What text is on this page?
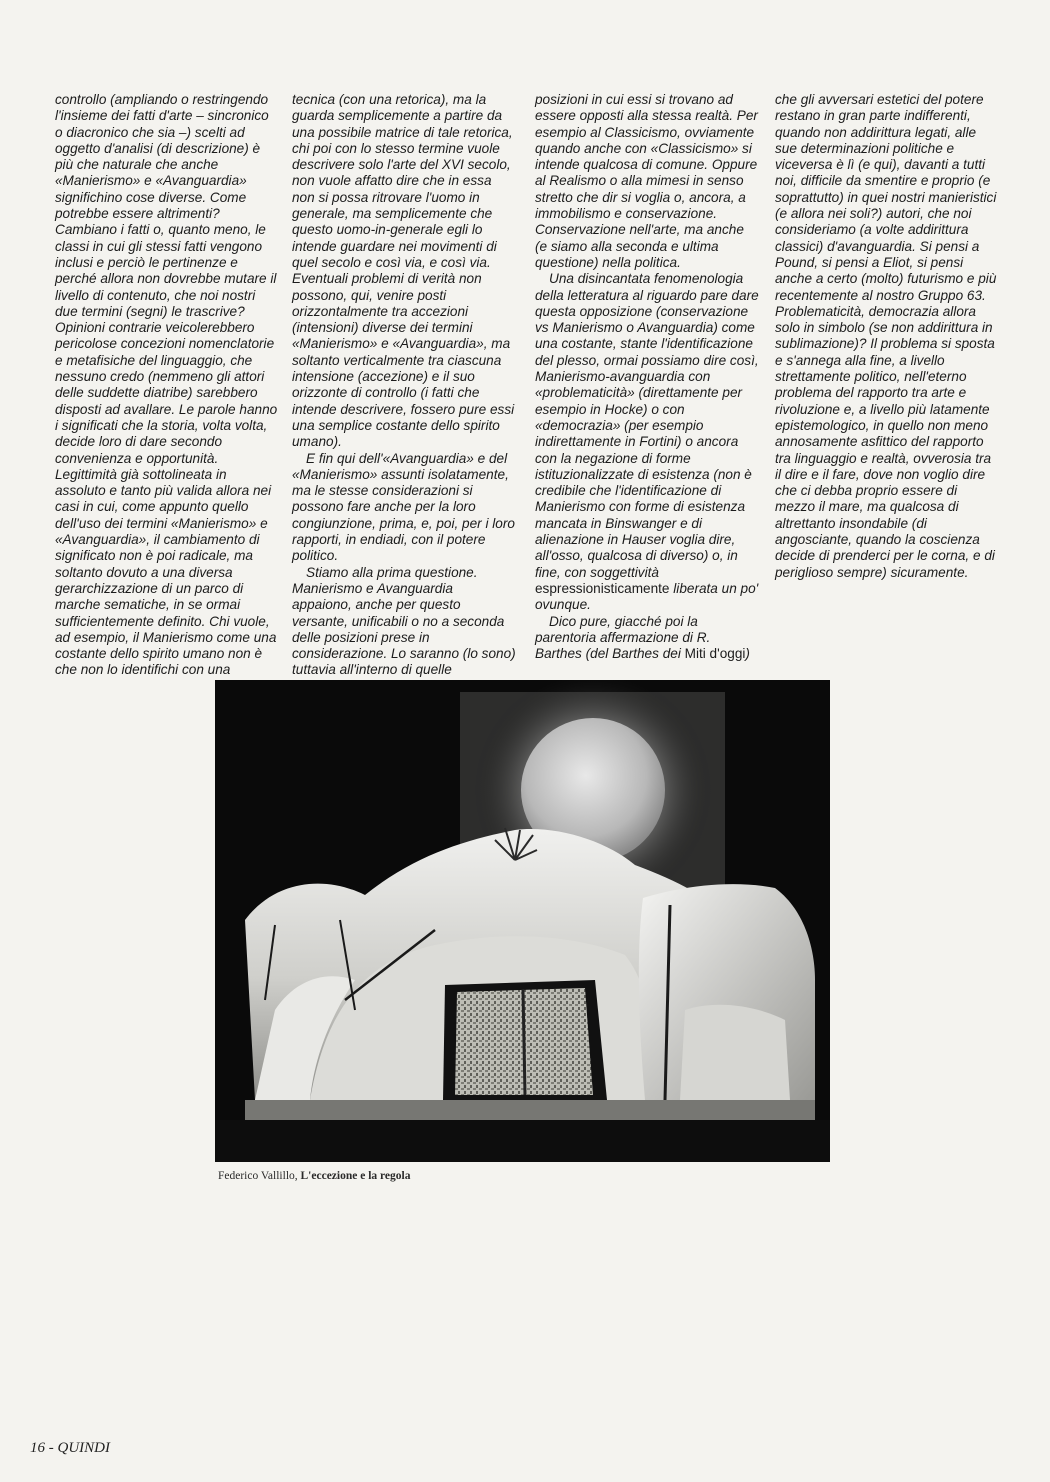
controllo (ampliando o restringendo l'insieme dei fatti d'arte – sincronico o diacronico che sia –) scelti ad oggetto d'analisi (di descrizione) è più che naturale che anche «Manierismo» e «Avanguardia» significhino cose diverse. Come potrebbe essere altrimenti? Cambiano i fatti o, quanto meno, le classi in cui gli stessi fatti vengono inclusi e perciò le pertinenze e perché allora non dovrebbe mutare il livello di contenuto, che noi nostri due termini (segni) le trascrive? Opinioni contrarie veicolerebbero pericolose concezioni nomenclatorie e metafisiche del linguaggio, che nessuno credo (nemmeno gli attori delle suddette diatribe) sarebbero disposti ad avallare. Le parole hanno i significati che la storia, volta volta, decide loro di dare secondo convenienza e opportunità. Legittimità già sottolineata in assoluto e tanto più valida allora nei casi in cui, come appunto quello dell'uso dei termini «Manierismo» e «Avanguardia», il cambiamento di significato non è poi radicale, ma soltanto dovuto a una diversa gerarchizzazione di un parco di marche sematiche, in se ormai sufficientemente definito. Chi vuole, ad esempio, il Manierismo come una costante dello spirito umano non è che non lo identifichi con una

tecnica (con una retorica), ma la guarda semplicemente a partire da una possibile matrice di tale retorica, chi poi con lo stesso termine vuole descrivere solo l'arte del XVI secolo, non vuole affatto dire che in essa non si possa ritrovare l'uomo in generale, ma semplicemente che questo uomo-in-generale egli lo intende guardare nei movimenti di quel secolo e così via, e così via. Eventuali problemi di verità non possono, qui, venire posti orizzontalmente tra accezioni (intensioni) diverse dei termini «Manierismo» e «Avanguardia», ma soltanto verticalmente tra ciascuna intensione (accezione) e il suo orizzonte di controllo (i fatti che intende descrivere, fossero pure essi una semplice costante dello spirito umano).

E fin qui dell'«Avanguardia» e del «Manierismo» assunti isolatamente, ma le stesse considerazioni si possono fare anche per la loro congiunzione, prima, e, poi, per i loro rapporti, in endiadi, con il potere politico.

Stiamo alla prima questione. Manierismo e Avanguardia appaiono, anche per questo versante, unificabili o no a seconda delle posizioni prese in considerazione. Lo saranno (lo sono) tuttavia all'interno di quelle

posizioni in cui essi si trovano ad essere opposti alla stessa realtà. Per esempio al Classicismo, ovviamente quando anche con «Classicismo» si intende qualcosa di comune. Oppure al Realismo o alla mimesi in senso stretto che dir si voglia o, ancora, a immobilismo e conservazione. Conservazione nell'arte, ma anche (e siamo alla seconda e ultima questione) nella politica.

Una disincantata fenomenologia della letteratura al riguardo pare dare questa opposizione (conservazione vs Manierismo o Avanguardia) come una costante, stante l'identificazione del plesso, ormai possiamo dire così, Manierismo-avanguardia con «problematicità» (direttamente per esempio in Hocke) o con «democrazia» (per esempio indirettamente in Fortini) o ancora con la negazione di forme istituzionalizzate di esistenza (non è credibile che l'identificazione di Manierismo con forme di esistenza mancata in Binswanger e di alienazione in Hauser voglia dire, all'osso, qualcosa di diverso) o, in fine, con soggettività espressionisticamente liberata un po' ovunque.

Dico pure, giacché poi la parentoria affermazione di R. Barthes (del Barthes dei Miti d'oggi)

che gli avversari estetici del potere restano in gran parte indifferenti, quando non addirittura legati, alle sue determinazioni politiche e viceversa è lì (e qui), davanti a tutti noi, difficile da smentire e proprio (e soprattutto) in quei nostri manieristici (e allora nei soli?) autori, che noi consideriamo (a volte addirittura classici) d'avanguardia. Si pensi a Pound, si pensi a Eliot, si pensi anche a certo (molto) futurismo e più recentemente al nostro Gruppo 63. Problematicità, democrazia allora solo in simbolo (se non addirittura in sublimazione)? Il problema si sposta e s'annega alla fine, a livello strettamente politico, nell'eterno problema del rapporto tra arte e rivoluzione e, a livello più latamente epistemologico, in quello non meno annosamente asfittico del rapporto tra linguaggio e realtà, ovverosia tra il dire e il fare, dove non voglio dire che ci debba proprio essere di mezzo il mare, ma qualcosa di altrettanto insondabile (di angosciante, quando la coscienza decide di prenderci per le corna, e di periglioso sempre) sicuramente.

Federico Vallillo, L'eccezione e la regola
16 - QUINDI
